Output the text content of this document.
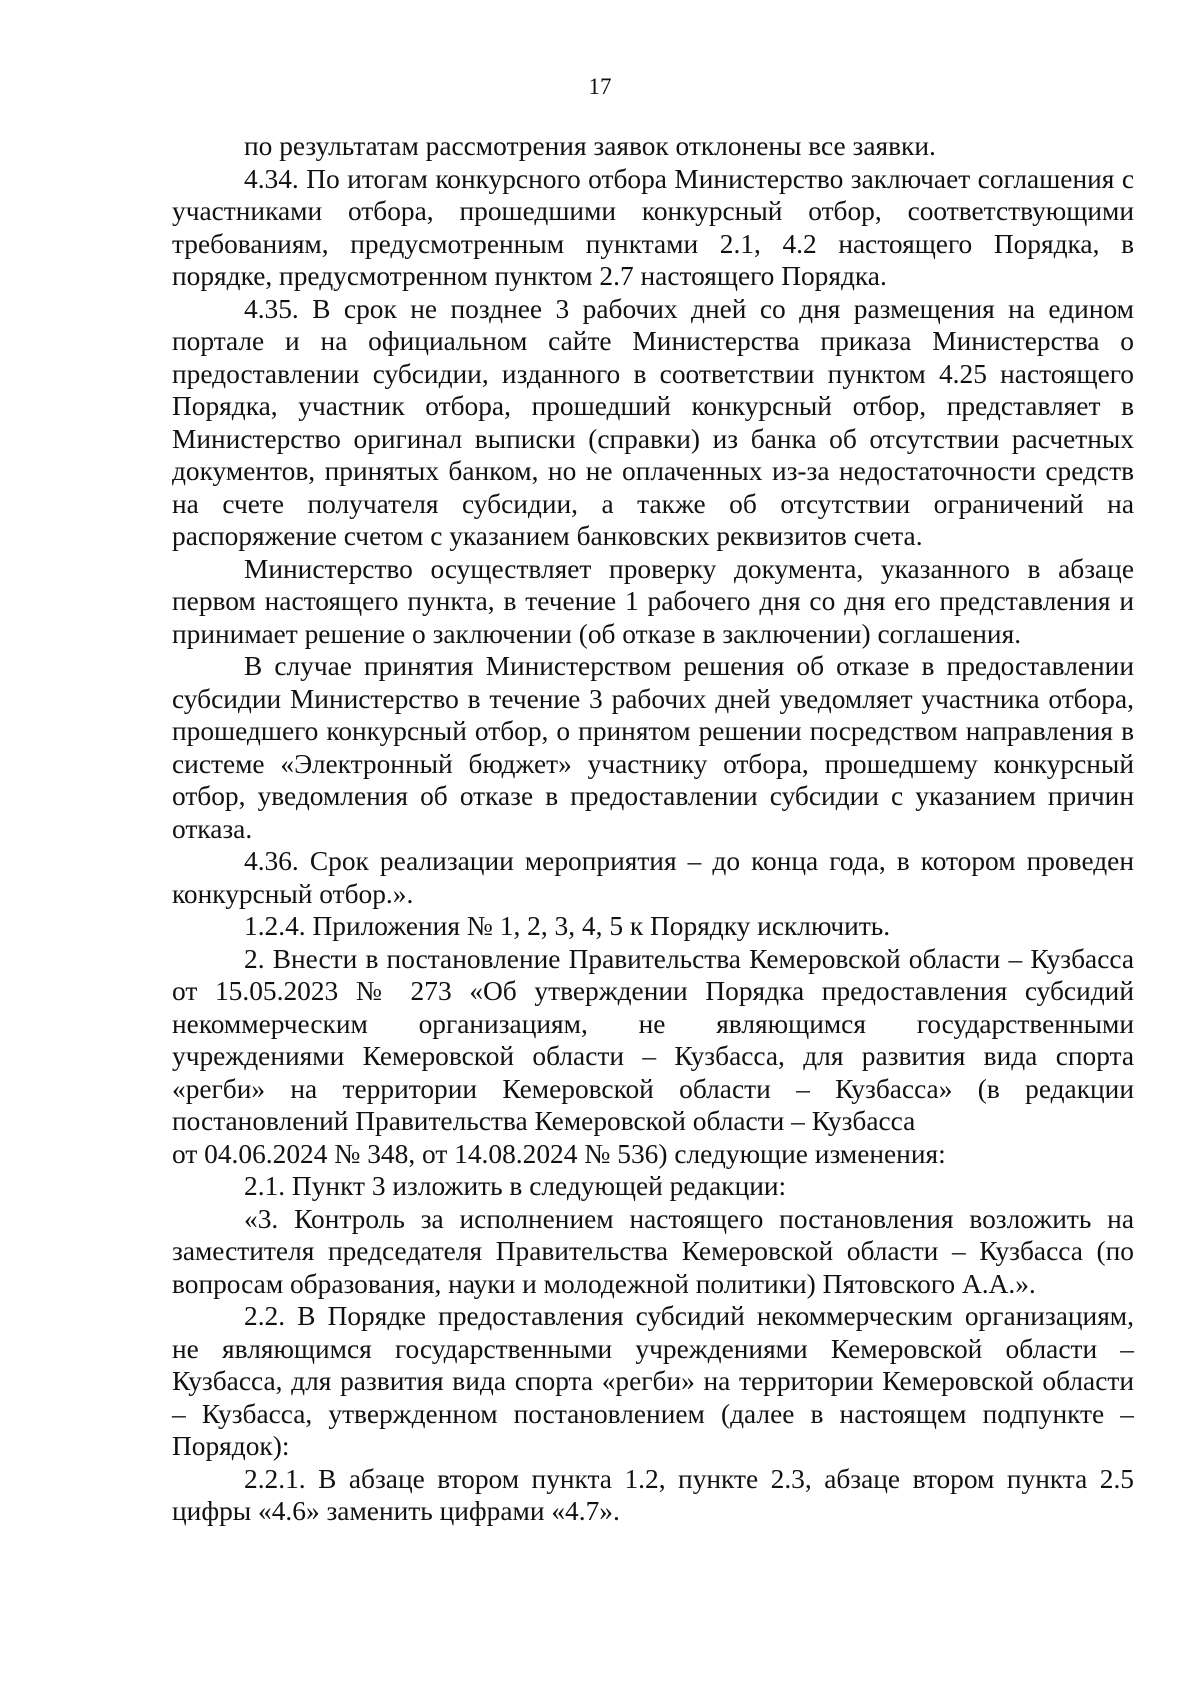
17

по результатам рассмотрения заявок отклонены все заявки.

4.34. По итогам конкурсного отбора Министерство заключает соглашения с участниками отбора, прошедшими конкурсный отбор, соответствующими требованиям, предусмотренным пунктами 2.1, 4.2 настоящего Порядка, в порядке, предусмотренном пунктом 2.7 настоящего Порядка.

4.35. В срок не позднее 3 рабочих дней со дня размещения на едином портале и на официальном сайте Министерства приказа Министерства о предоставлении субсидии, изданного в соответствии пунктом 4.25 настоящего Порядка, участник отбора, прошедший конкурсный отбор, представляет в Министерство оригинал выписки (справки) из банка об отсутствии расчетных документов, принятых банком, но не оплаченных из-за недостаточности средств на счете получателя субсидии, а также об отсутствии ограничений на распоряжение счетом с указанием банковских реквизитов счета.

Министерство осуществляет проверку документа, указанного в абзаце первом настоящего пункта, в течение 1 рабочего дня со дня его представления и принимает решение о заключении (об отказе в заключении) соглашения.

В случае принятия Министерством решения об отказе в предоставлении субсидии Министерство в течение 3 рабочих дней уведомляет участника отбора, прошедшего конкурсный отбор, о принятом решении посредством направления в системе «Электронный бюджет» участнику отбора, прошедшему конкурсный отбор, уведомления об отказе в предоставлении субсидии с указанием причин отказа.

4.36. Срок реализации мероприятия – до конца года, в котором проведен конкурсный отбор.».

1.2.4. Приложения № 1, 2, 3, 4, 5 к Порядку исключить.

2. Внести в постановление Правительства Кемеровской области – Кузбасса от 15.05.2023 № 273 «Об утверждении Порядка предоставления субсидий некоммерческим организациям, не являющимся государственными учреждениями Кемеровской области – Кузбасса, для развития вида спорта «регби» на территории Кемеровской области – Кузбасса» (в редакции постановлений Правительства Кемеровской области – Кузбасса
от 04.06.2024 № 348, от 14.08.2024 № 536) следующие изменения:

2.1. Пункт 3 изложить в следующей редакции:

«3. Контроль за исполнением настоящего постановления возложить на заместителя председателя Правительства Кемеровской области – Кузбасса (по вопросам образования, науки и молодежной политики) Пятовского А.А.».

2.2. В Порядке предоставления субсидий некоммерческим организациям, не являющимся государственными учреждениями Кемеровской области – Кузбасса, для развития вида спорта «регби» на территории Кемеровской области – Кузбасса, утвержденном постановлением (далее в настоящем подпункте – Порядок):

2.2.1. В абзаце втором пункта 1.2, пункте 2.3, абзаце втором пункта 2.5 цифры «4.6» заменить цифрами «4.7».
